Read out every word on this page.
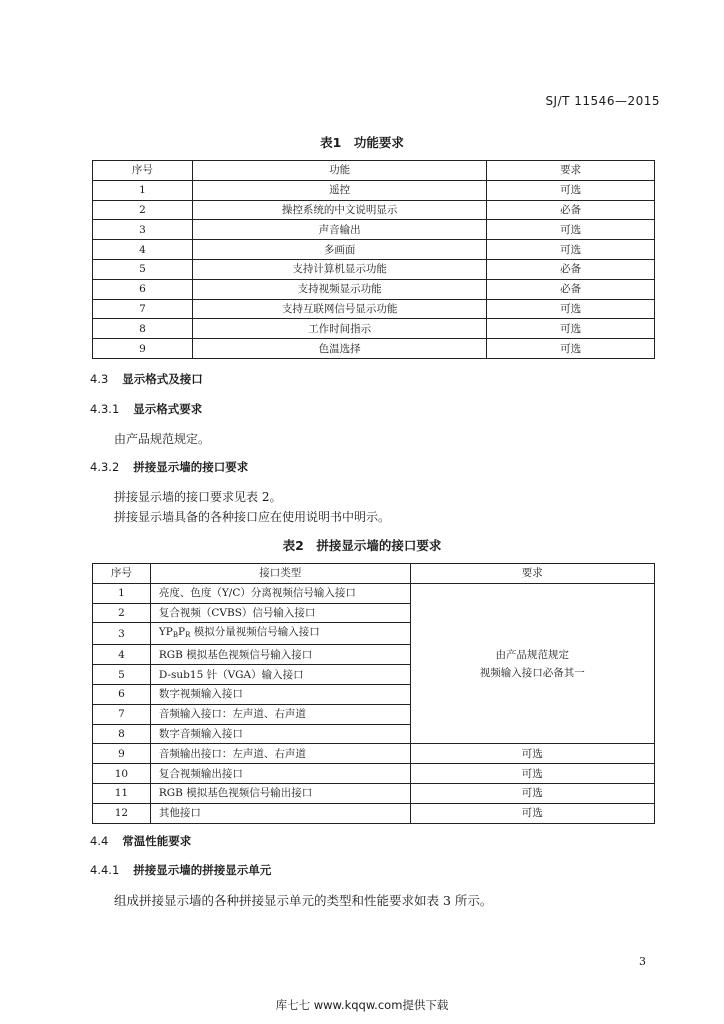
SJ/T 11546—2015
表1　功能要求
序号	功能	要求
1	遥控	可选
2	操控系统的中文说明显示	必备
3	声音输出	可选
4	多画面	可选
5	支持计算机显示功能	必备
6	支持视频显示功能	必备
7	支持互联网信号显示功能	可选
8	工作时间指示	可选
9	色温选择	可选
4.3 显示格式及接口
4.3.1 显示格式要求
由产品规范规定。
4.3.2 拼接显示墙的接口要求
拼接显示墙的接口要求见表 2。
拼接显示墙具备的各种接口应在使用说明书中明示。
表2　拼接显示墙的接口要求
序号	接口类型	要求
1	亮度、色度（Y/C）分离视频信号输入接口	由产品规范规定
视频输入接口必备其一

2	复合视频（CVBS）信号输入接口	
3	$YP_BP_R$ 模拟分量视频信号输入接口	
4	RGB 模拟基色视频信号输入接口	
5	D-sub15 针（VGA）输入接口	
6	数字视频输入接口	
7	音频输入接口：左声道、右声道	
8	数字音频输入接口	
9	音频输出接口：左声道、右声道	可选
10	复合视频输出接口	可选
11	RGB 模拟基色视频信号输出接口	可选
12	其他接口	可选
4.4 常温性能要求
4.4.1 拼接显示墙的拼接显示单元
组成拼接显示墙的各种拼接显示单元的类型和性能要求如表 3 所示。
3
库七七 www.kqqw.com提供下载
